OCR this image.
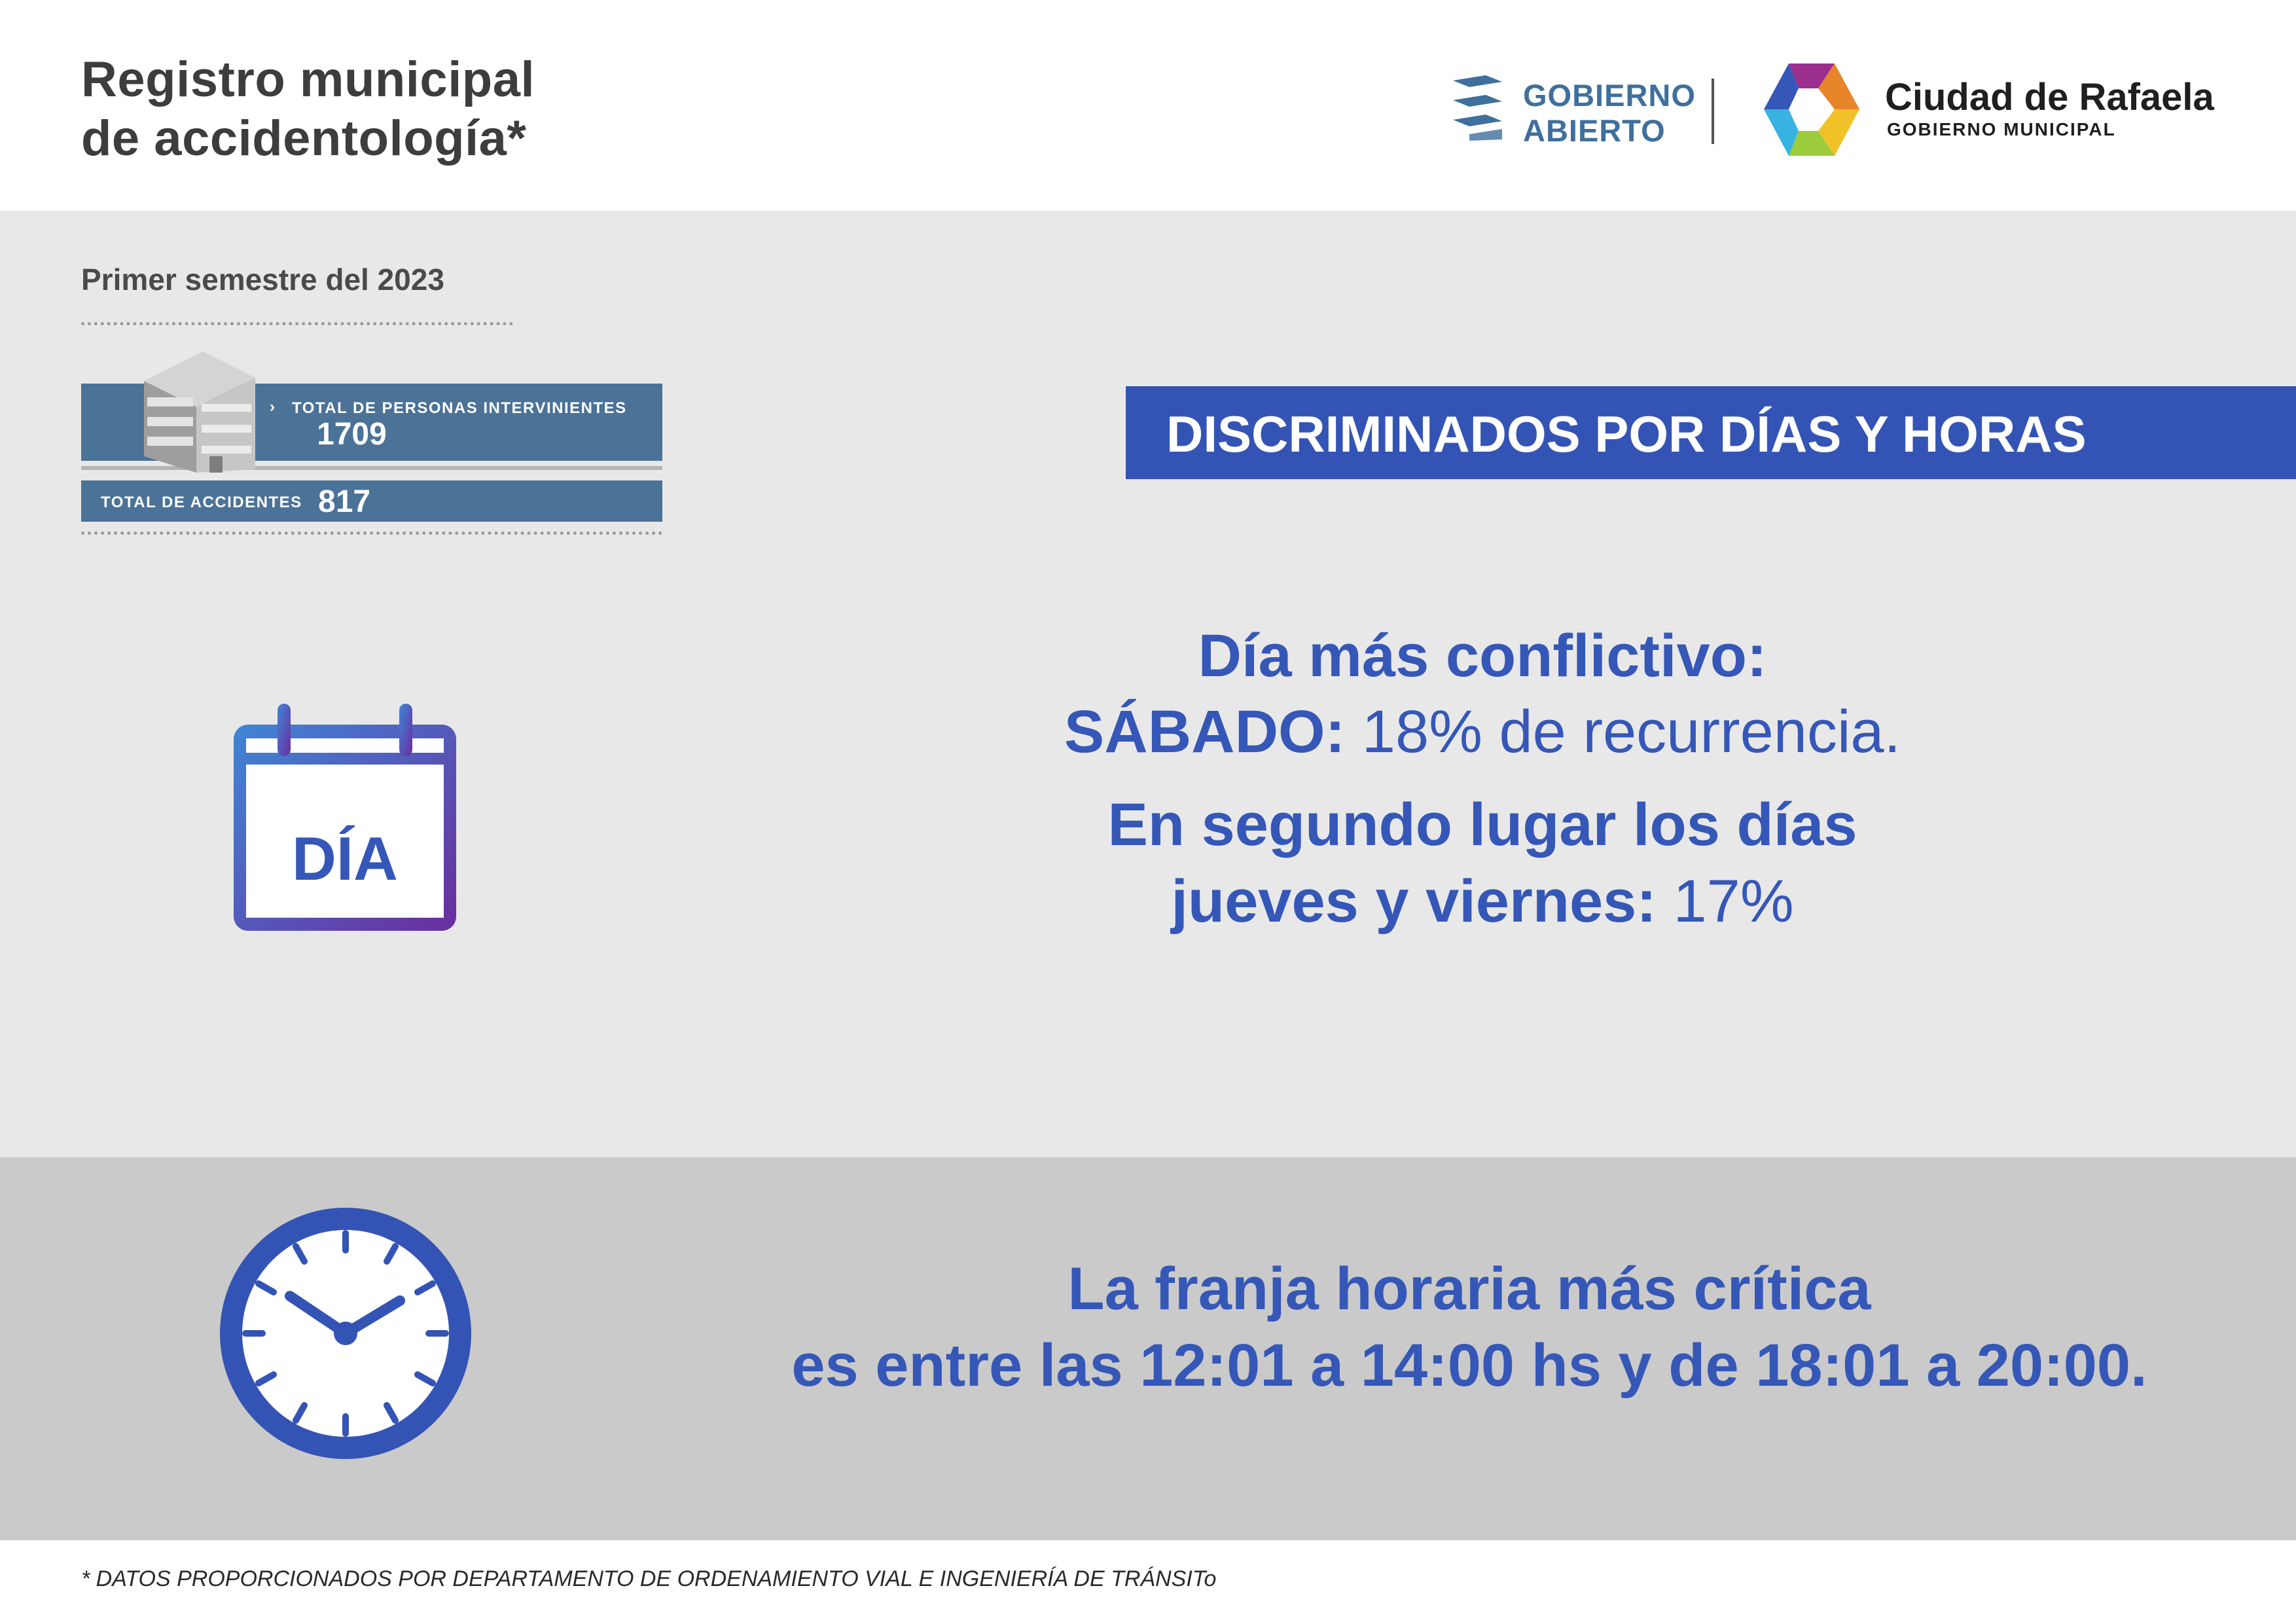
Registro municipal
de accidentología*
GOBIERNO
ABIERTO
Ciudad de Rafaela
GOBIERNO MUNICIPAL
Primer semestre del 2023
TOTAL DE PERSONAS INTERVINIENTES
›
1709
TOTAL DE ACCIDENTES 817
DISCRIMINADOS POR DÍAS Y HORAS
DÍA
Día más conflictivo:
SÁBADO: 18% de recurrencia.
En segundo lugar los días
jueves y viernes: 17%
La franja horaria más crítica
es entre las 12:01 a 14:00 hs y de 18:01 a 20:00.
* DATOS PROPORCIONADOS POR DEPARTAMENTO DE ORDENAMIENTO VIAL E INGENIERÍA DE TRÁNSITo
